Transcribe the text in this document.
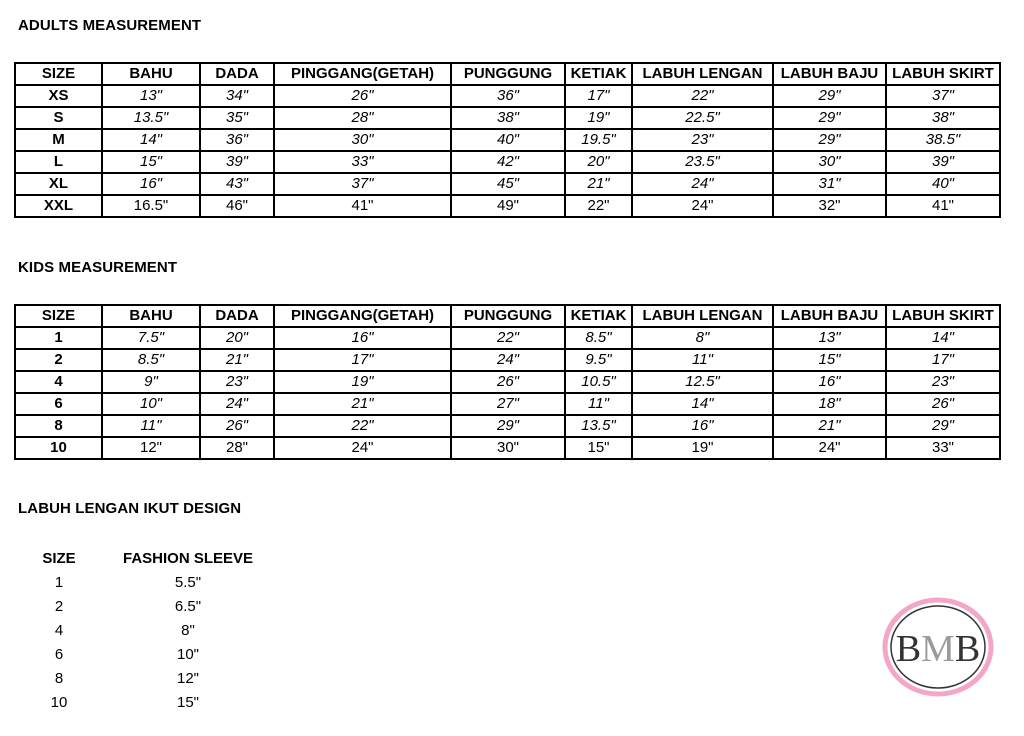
ADULTS MEASUREMENT
SIZE	BAHU	DADA	PINGGANG(GETAH)	PUNGGUNG	KETIAK	LABUH LENGAN	LABUH BAJU	LABUH SKIRT
XS	13"	34"	26"	36"	17"	22"	29"	37"
S	13.5"	35"	28"	38"	19"	22.5"	29"	38"
M	14"	36"	30"	40"	19.5"	23"	29"	38.5"
L	15"	39"	33"	42"	20"	23.5"	30"	39"
XL	16"	43"	37"	45"	21"	24"	31"	40"
XXL	16.5"	46"	41"	49"	22"	24"	32"	41"
KIDS MEASUREMENT
SIZE	BAHU	DADA	PINGGANG(GETAH)	PUNGGUNG	KETIAK	LABUH LENGAN	LABUH BAJU	LABUH SKIRT
1	7.5"	20"	16"	22"	8.5"	8"	13"	14"
2	8.5"	21"	17"	24"	9.5"	11"	15"	17"
4	9"	23"	19"	26"	10.5"	12.5"	16"	23"
6	10"	24"	21"	27"	11"	14"	18"	26"
8	11"	26"	22"	29"	13.5"	16"	21"	29"
10	12"	28"	24"	30"	15"	19"	24"	33"
LABUH LENGAN IKUT DESIGN
SIZE	FASHION SLEEVE
1	5.5"
2	6.5"
4	8"
6	10"
8	12"
10	15"
BMB
